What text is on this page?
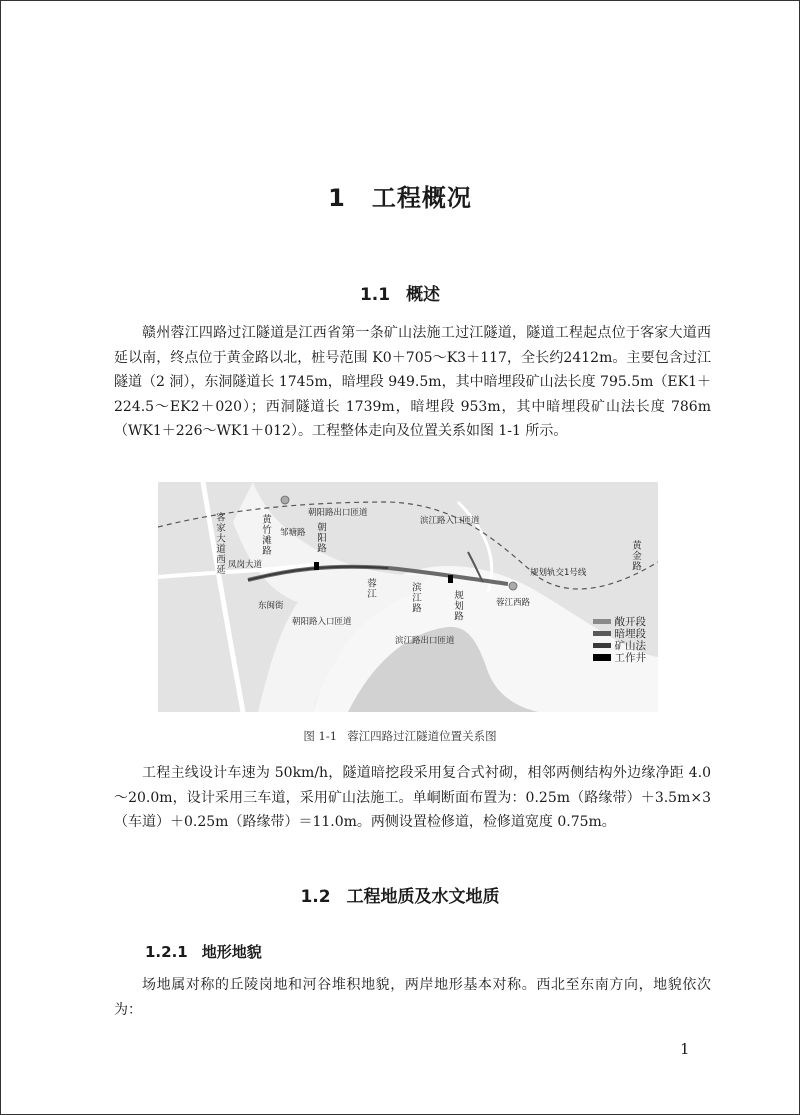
1 工程概况
1.1 概述

赣州蓉江四路过江隧道是江西省第一条矿山法施工过江隧道，隧道工程起点位于客家大道西延以南，终点位于黄金路以北，桩号范围 K0＋705～K3＋117，全长约2412m。主要包含过江隧道（2 洞），东洞隧道长 1745m，暗埋段 949.5m，其中暗埋段矿山法长度 795.5m（EK1＋224.5～EK2＋020）；西洞隧道长 1739m，暗埋段 953m，其中暗埋段矿山法长度 786m（WK1＋226～WK1＋012）。工程整体走向及位置关系如图 1-1 所示。

客家大道西延	黄竹滩路 邹塘路 朝阳路
朝阳路出口匝道
滨江路入口匝道
黄金路
凤岗大道
规划轨交1号线
蓉江	滨江路	规划路	蓉江西路
东闽街
朝阳路入口匝道
滨江路出口匝道
敞开段
暗埋段
矿山法
工作井
图 1-1 蓉江四路过江隧道位置关系图

工程主线设计车速为 50km/h，隧道暗挖段采用复合式衬砌，相邻两侧结构外边缘净距 4.0～20.0m，设计采用三车道，采用矿山法施工。单峒断面布置为：0.25m（路缘带）＋3.5m×3（车道）＋0.25m（路缘带）＝11.0m。两侧设置检修道，检修道宽度 0.75m。

1.2 工程地质及水文地质
1.2.1 地形地貌

场地属对称的丘陵岗地和河谷堆积地貌，两岸地形基本对称。西北至东南方向，地貌依次为：

1
